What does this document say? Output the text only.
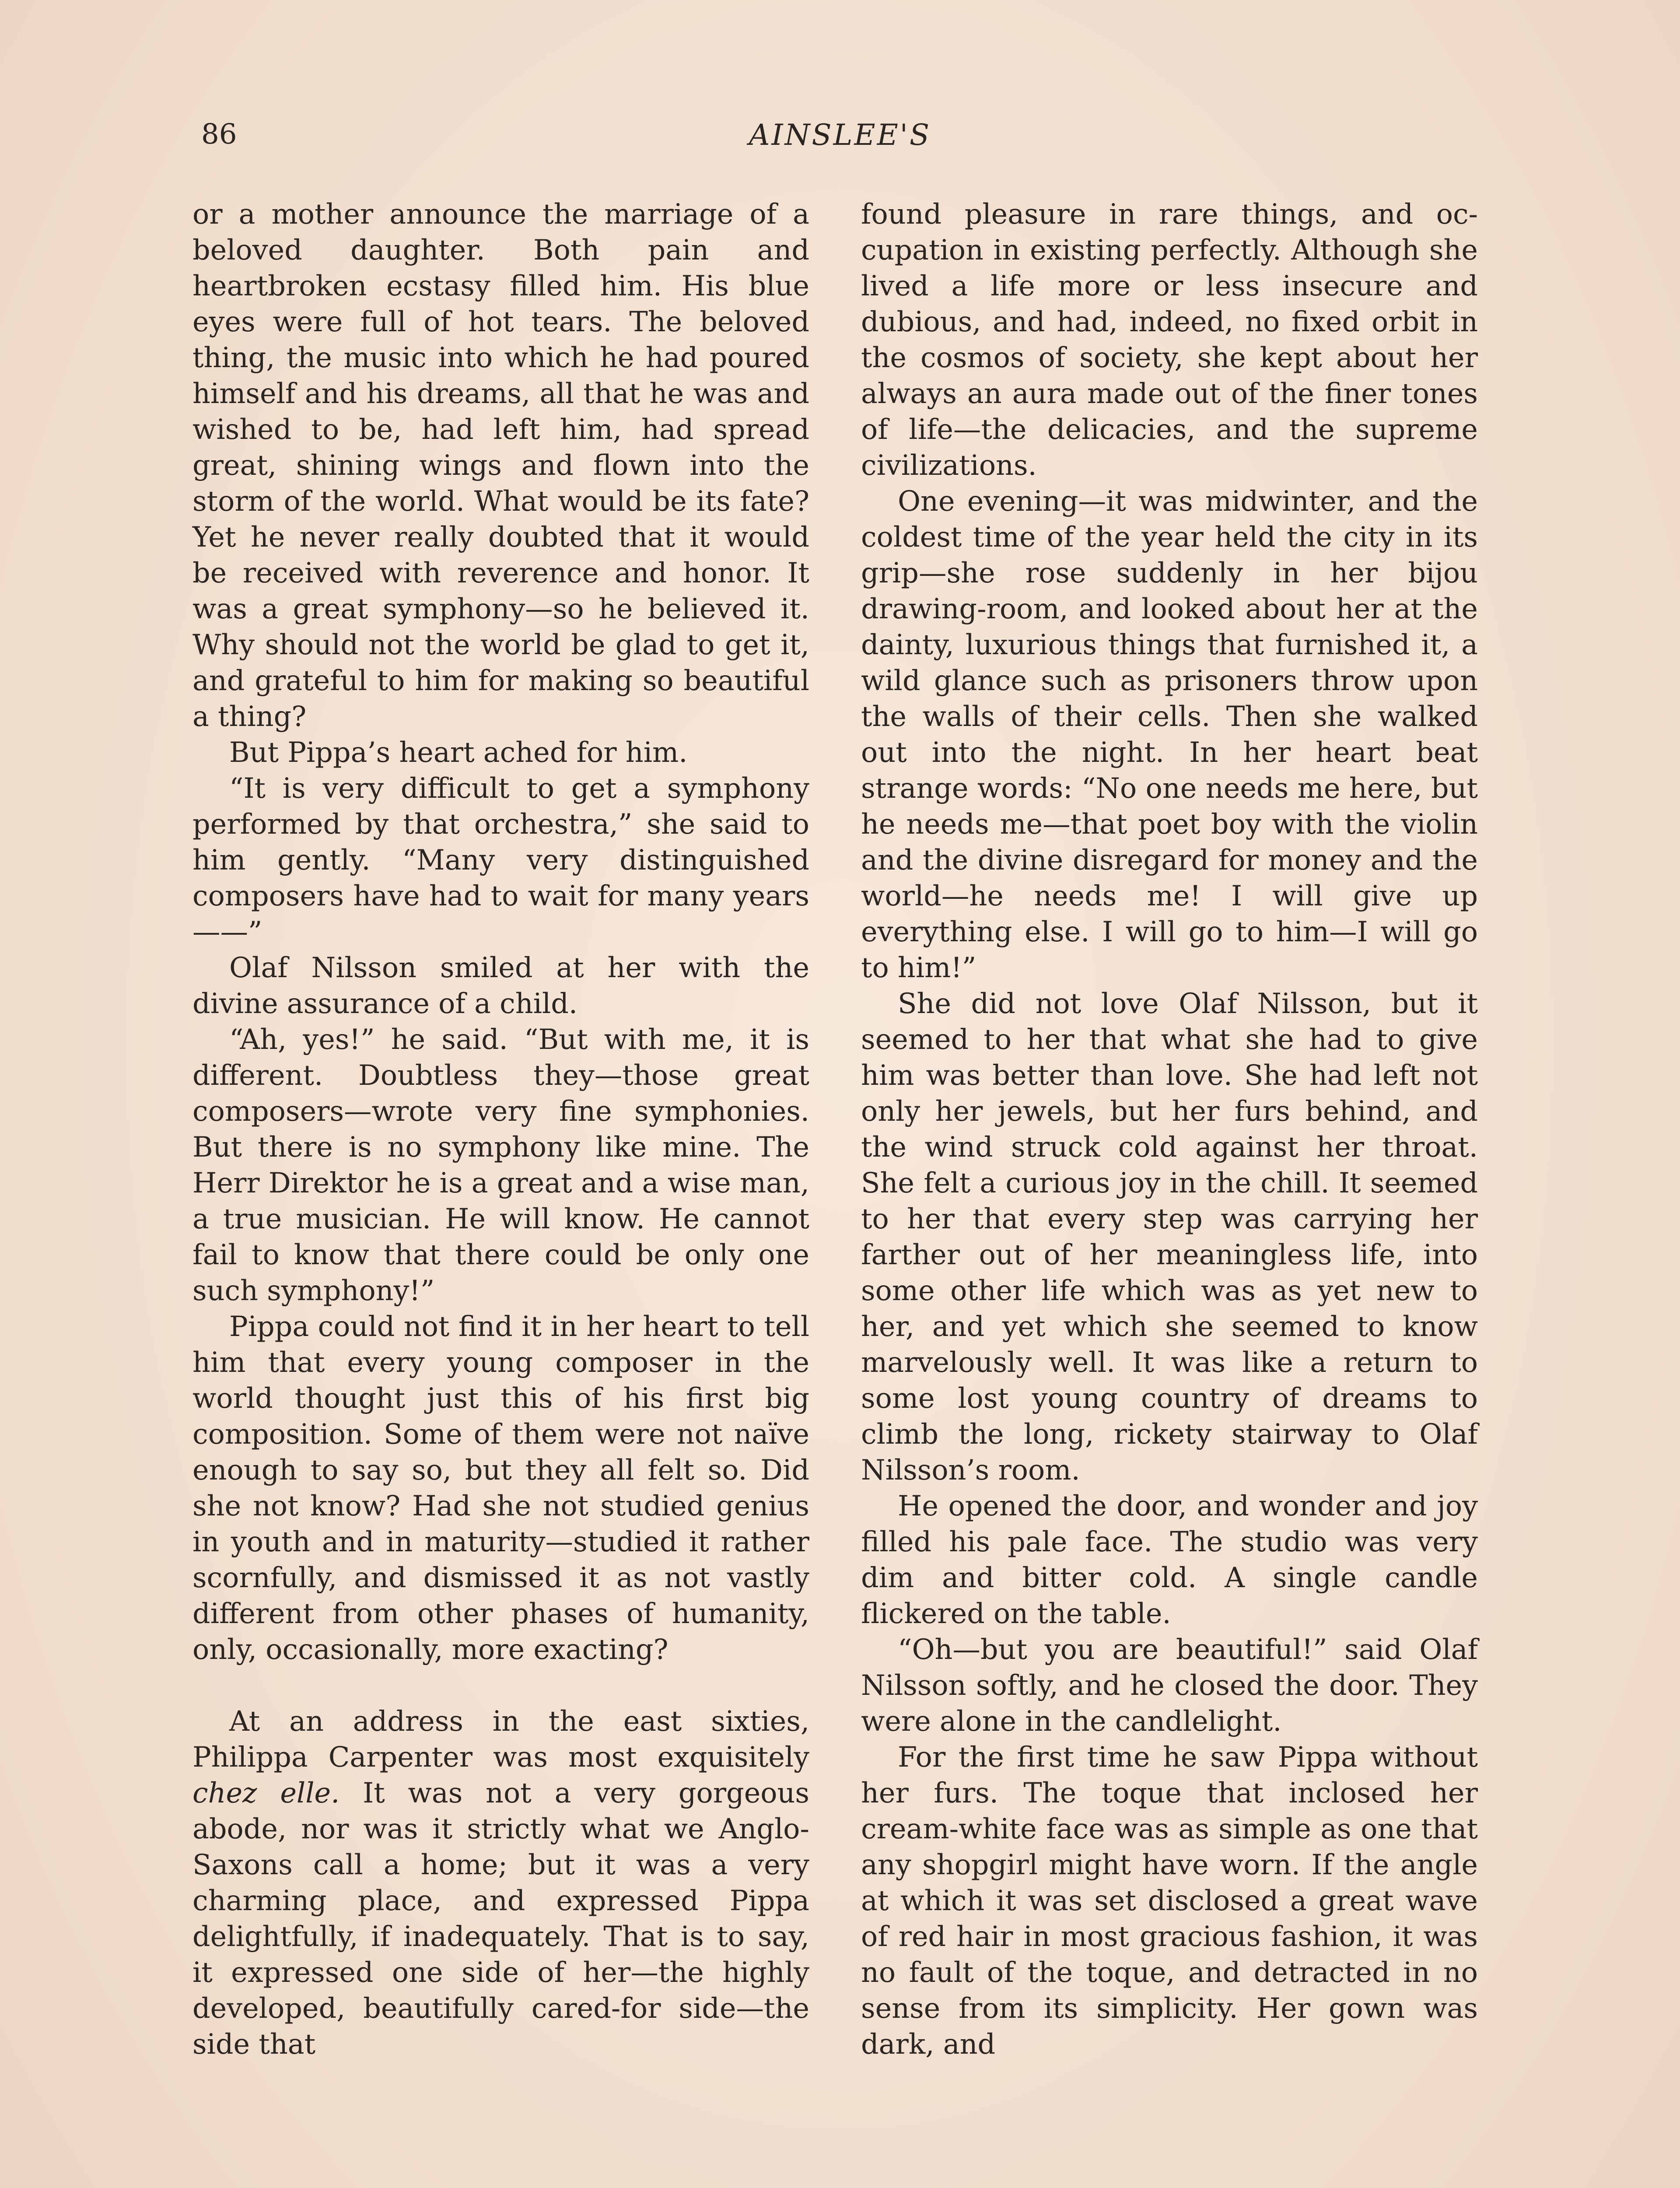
86	AINSLEE'S

or a mother announce the marriage of a beloved daughter. Both pain and heartbroken ecstasy filled him. His blue eyes were full of hot tears. The beloved thing, the music into which he had poured himself and his dreams, all that he was and wished to be, had left him, had spread great, shining wings and flown into the storm of the world. What would be its fate? Yet he never really doubted that it would be received with reverence and honor. It was a great symphony—so he believed it. Why should not the world be glad to get it, and grateful to him for making so beautiful a thing?

But Pippa’s heart ached for him.

“It is very difficult to get a symphony performed by that orchestra,” she said to him gently. “Many very distinguished composers have had to wait for many years——”

Olaf Nilsson smiled at her with the divine assurance of a child.

“Ah, yes!” he said. “But with me, it is different. Doubtless they—those great composers—wrote very fine symphonies. But there is no symphony like mine. The Herr Direktor he is a great and a wise man, a true musician. He will know. He cannot fail to know that there could be only one such symphony!”

Pippa could not find it in her heart to tell him that every young composer in the world thought just this of his first big composition. Some of them were not naïve enough to say so, but they all felt so. Did she not know? Had she not studied genius in youth and in maturity—studied it rather scornfully, and dismissed it as not vastly different from other phases of humanity, only, occasionally, more exacting?

At an address in the east sixties, Philippa Carpenter was most exquisitely chez elle. It was not a very gorgeous abode, nor was it strictly what we Anglo-Saxons call a home; but it was a very charming place, and expressed Pippa delightfully, if inadequately. That is to say, it expressed one side of her—the highly developed, beautifully cared-for side—the side that

found pleasure in rare things, and occupation in existing perfectly. Although she lived a life more or less insecure and dubious, and had, indeed, no fixed orbit in the cosmos of society, she kept about her always an aura made out of the finer tones of life—the delicacies, and the supreme civilizations.

One evening—it was midwinter, and the coldest time of the year held the city in its grip—she rose suddenly in her bijou drawing-room, and looked about her at the dainty, luxurious things that furnished it, a wild glance such as prisoners throw upon the walls of their cells. Then she walked out into the night. In her heart beat strange words: “No one needs me here, but he needs me—that poet boy with the violin and the divine disregard for money and the world—he needs me! I will give up everything else. I will go to him—I will go to him!”

She did not love Olaf Nilsson, but it seemed to her that what she had to give him was better than love. She had left not only her jewels, but her furs behind, and the wind struck cold against her throat. She felt a curious joy in the chill. It seemed to her that every step was carrying her farther out of her meaningless life, into some other life which was as yet new to her, and yet which she seemed to know marvelously well. It was like a return to some lost young country of dreams to climb the long, rickety stairway to Olaf Nilsson’s room.

He opened the door, and wonder and joy filled his pale face. The studio was very dim and bitter cold. A single candle flickered on the table.

“Oh—but you are beautiful!” said Olaf Nilsson softly, and he closed the door. They were alone in the candlelight.

For the first time he saw Pippa without her furs. The toque that inclosed her cream-white face was as simple as one that any shopgirl might have worn. If the angle at which it was set disclosed a great wave of red hair in most gracious fashion, it was no fault of the toque, and detracted in no sense from its simplicity. Her gown was dark, and
